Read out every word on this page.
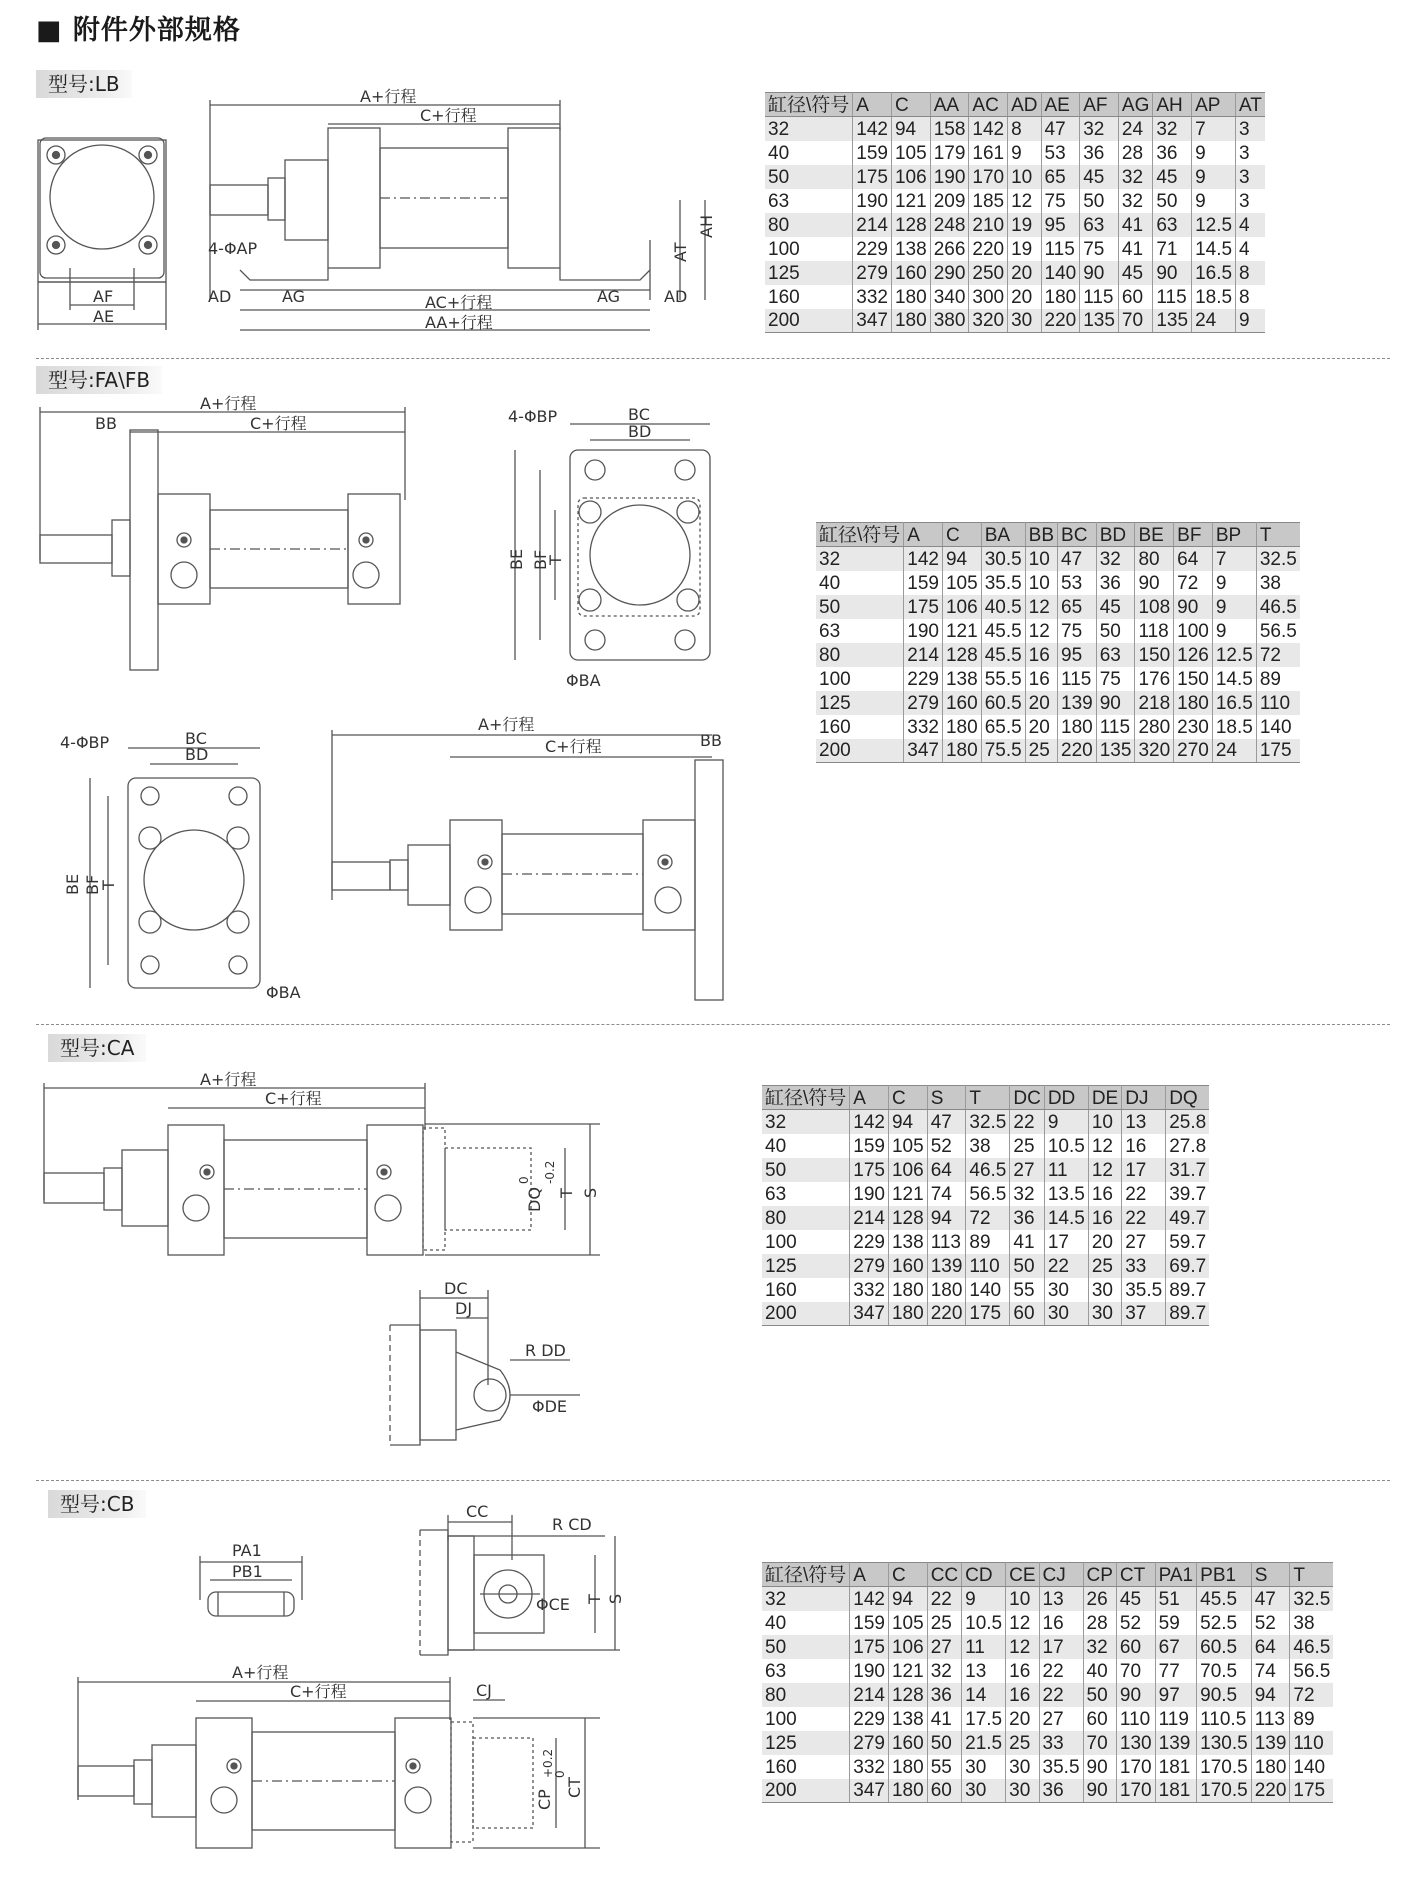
■ 附件外部规格
型号:LB
A+行程
C+行程
4-ΦAP
AD	AG	AC+行程	AG	AD
AA+行程
AT
AH
AF
AE
缸径\符号	A	C	AA	AC	AD	AE	AF	AG	AH	AP	AT
32	142	94	158	142	8	47	32	24	32	7	3
40	159	105	179	161	9	53	36	28	36	9	3
50	175	106	190	170	10	65	45	32	45	9	3
63	190	121	209	185	12	75	50	32	50	9	3
80	214	128	248	210	19	95	63	41	63	12.5	4
100	229	138	266	220	19	115	75	41	71	14.5	4
125	279	160	290	250	20	140	90	45	90	16.5	8
160	332	180	340	300	20	180	115	60	115	18.5	8
200	347	180	380	320	30	220	135	70	135	24	9
型号:FA\FB
A+行程
C+行程
BB	4-ΦBP	BC
BD
BE BF
T
ΦBA
4-ΦBP	BC
BD
BE BF
T
ΦBA
A+行程
C+行程	BB
缸径\符号	A	C	BA	BB	BC	BD	BE	BF	BP	T
32	142	94	30.5	10	47	32	80	64	7	32.5
40	159	105	35.5	10	53	36	90	72	9	38
50	175	106	40.5	12	65	45	108	90	9	46.5
63	190	121	45.5	12	75	50	118	100	9	56.5
80	214	128	45.5	16	95	63	150	126	12.5	72
100	229	138	55.5	16	115	75	176	150	14.5	89
125	279	160	60.5	20	139	90	218	180	16.5	110
160	332	180	65.5	20	180	115	280	230	18.5	140
200	347	180	75.5	25	220	135	320	270	24	175
型号:CA
A+行程
C+行程
DQ
-0.2
0
T S
DC
DJ
R DD
ΦDE
缸径\符号	A	C	S	T	DC	DD	DE	DJ	DQ
32	142	94	47	32.5	22	9	10	13	25.8
40	159	105	52	38	25	10.5	12	16	27.8
50	175	106	64	46.5	27	11	12	17	31.7
63	190	121	74	56.5	32	13.5	16	22	39.7
80	214	128	94	72	36	14.5	16	22	49.7
100	229	138	113	89	41	17	20	27	59.7
125	279	160	139	110	50	22	25	33	69.7
160	332	180	180	140	55	30	30	35.5	89.7
200	347	180	220	175	60	30	30	37	89.7
型号:CB
PA1
PB1
CC
R CD
ΦCE T S
A+行程
C+行程	CJ
CP
+0.2
0
CT
缸径\符号	A	C	CC	CD	CE	CJ	CP	CT	PA1	PB1	S	T
32	142	94	22	9	10	13	26	45	51	45.5	47	32.5
40	159	105	25	10.5	12	16	28	52	59	52.5	52	38
50	175	106	27	11	12	17	32	60	67	60.5	64	46.5
63	190	121	32	13	16	22	40	70	77	70.5	74	56.5
80	214	128	36	14	16	22	50	90	97	90.5	94	72
100	229	138	41	17.5	20	27	60	110	119	110.5	113	89
125	279	160	50	21.5	25	33	70	130	139	130.5	139	110
160	332	180	55	30	30	35.5	90	170	181	170.5	180	140
200	347	180	60	30	30	36	90	170	181	170.5	220	175
